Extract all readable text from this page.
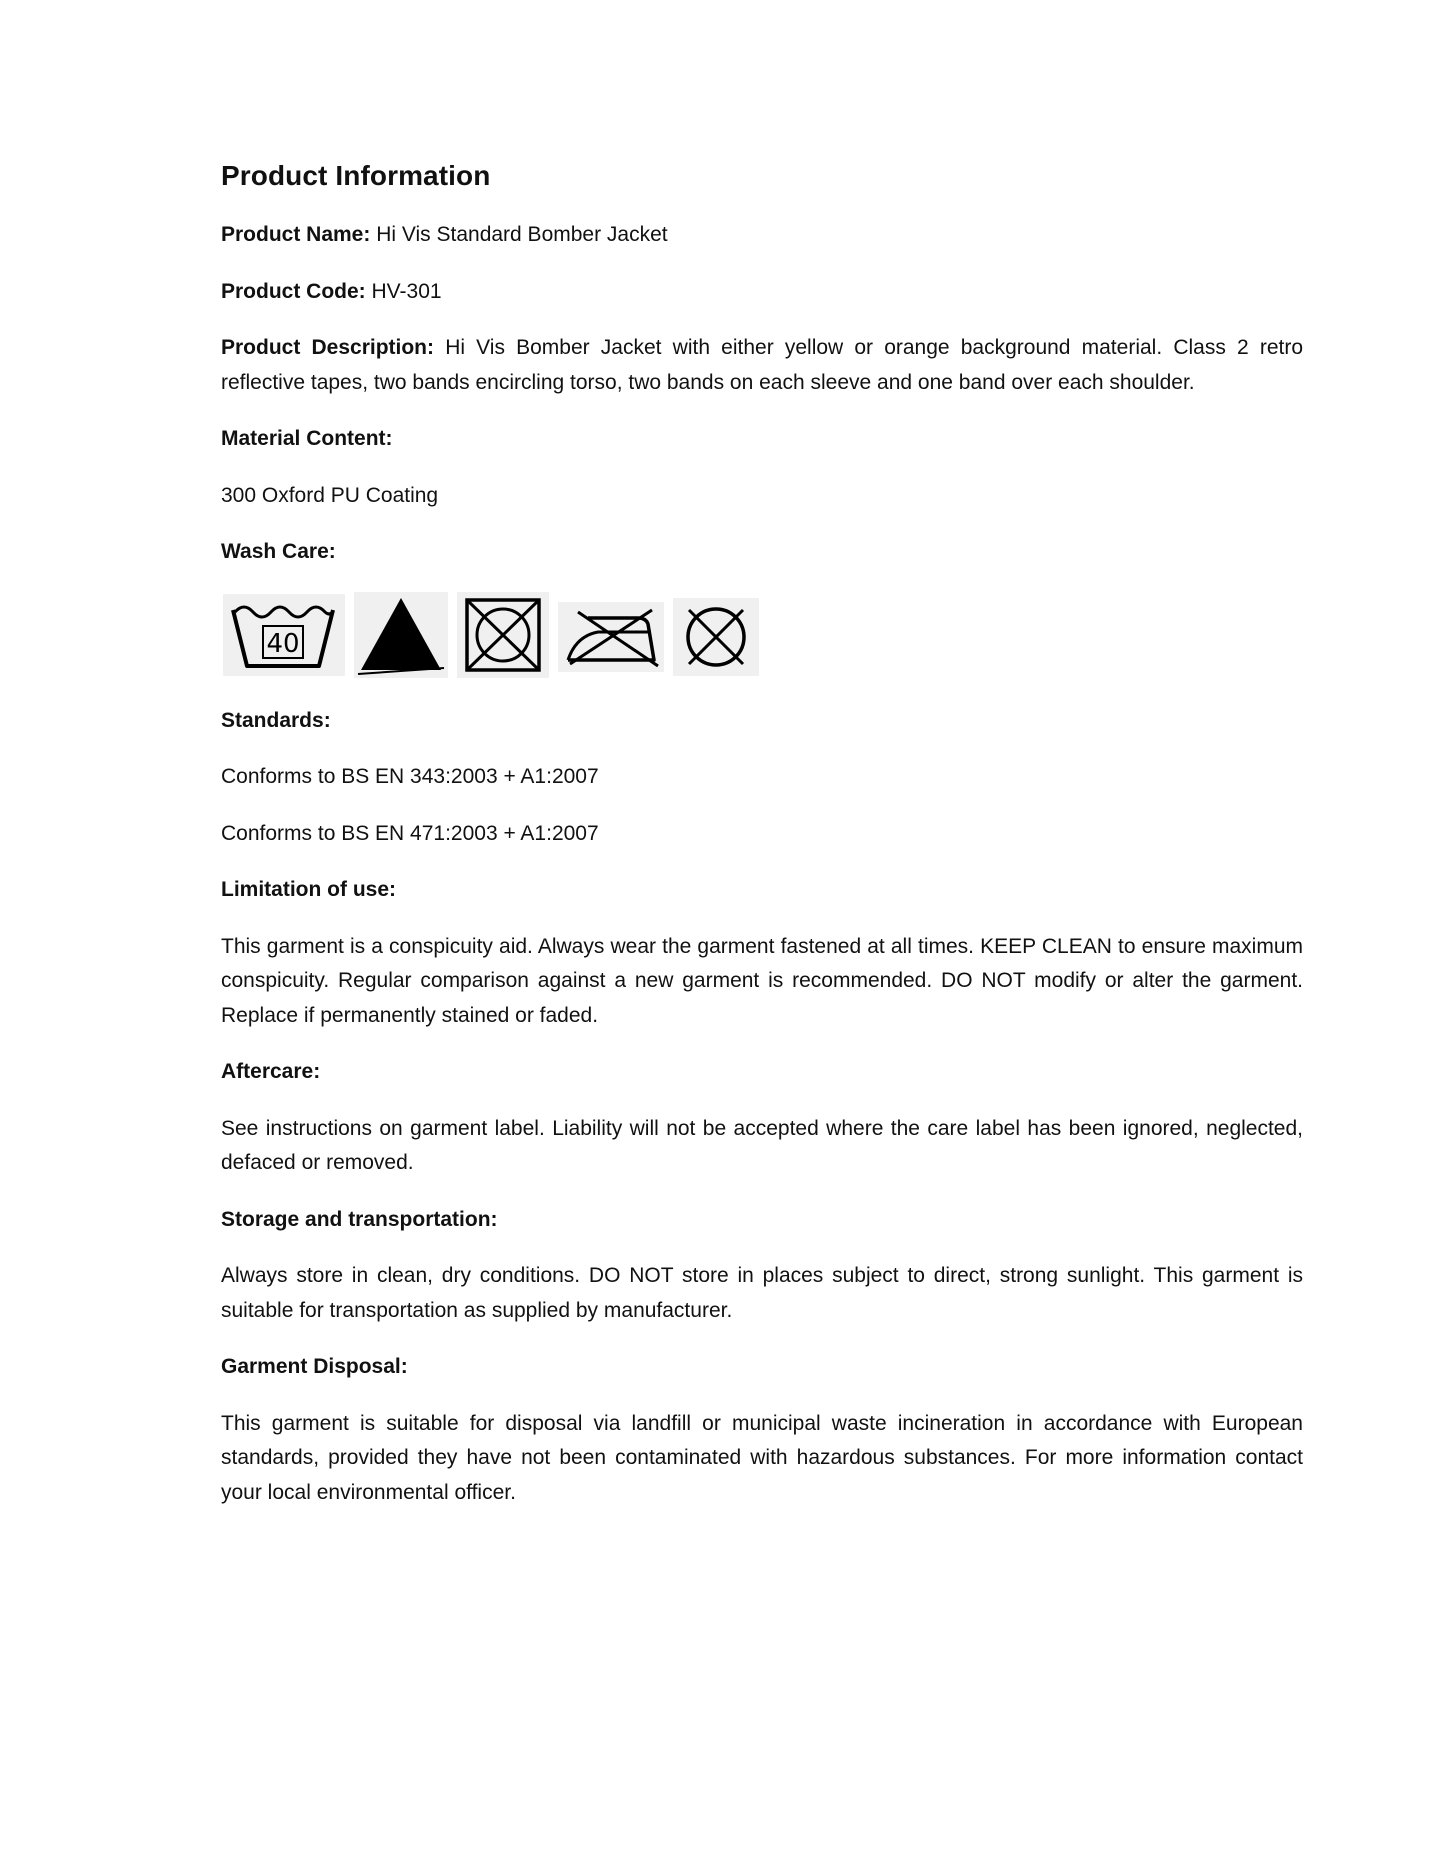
Product Information

Product Name: Hi Vis Standard Bomber Jacket

Product Code: HV-301

Product Description: Hi Vis Bomber Jacket with either yellow or orange background material. Class 2 retro reflective tapes, two bands encircling torso, two bands on each sleeve and one band over each shoulder.

Material Content:

300 Oxford PU Coating

Wash Care:
40
Standards:

Conforms to BS EN 343:2003 + A1:2007

Conforms to BS EN 471:2003 + A1:2007

Limitation of use:

This garment is a conspicuity aid. Always wear the garment fastened at all times. KEEP CLEAN to ensure maximum conspicuity. Regular comparison against a new garment is recommended. DO NOT modify or alter the garment. Replace if permanently stained or faded.

Aftercare:

See instructions on garment label. Liability will not be accepted where the care label has been ignored, neglected, defaced or removed.

Storage and transportation:

Always store in clean, dry conditions. DO NOT store in places subject to direct, strong sunlight. This garment is suitable for transportation as supplied by manufacturer.

Garment Disposal:

This garment is suitable for disposal via landfill or municipal waste incineration in accordance with European standards, provided they have not been contaminated with hazardous substances. For more information contact your local environmental officer.
